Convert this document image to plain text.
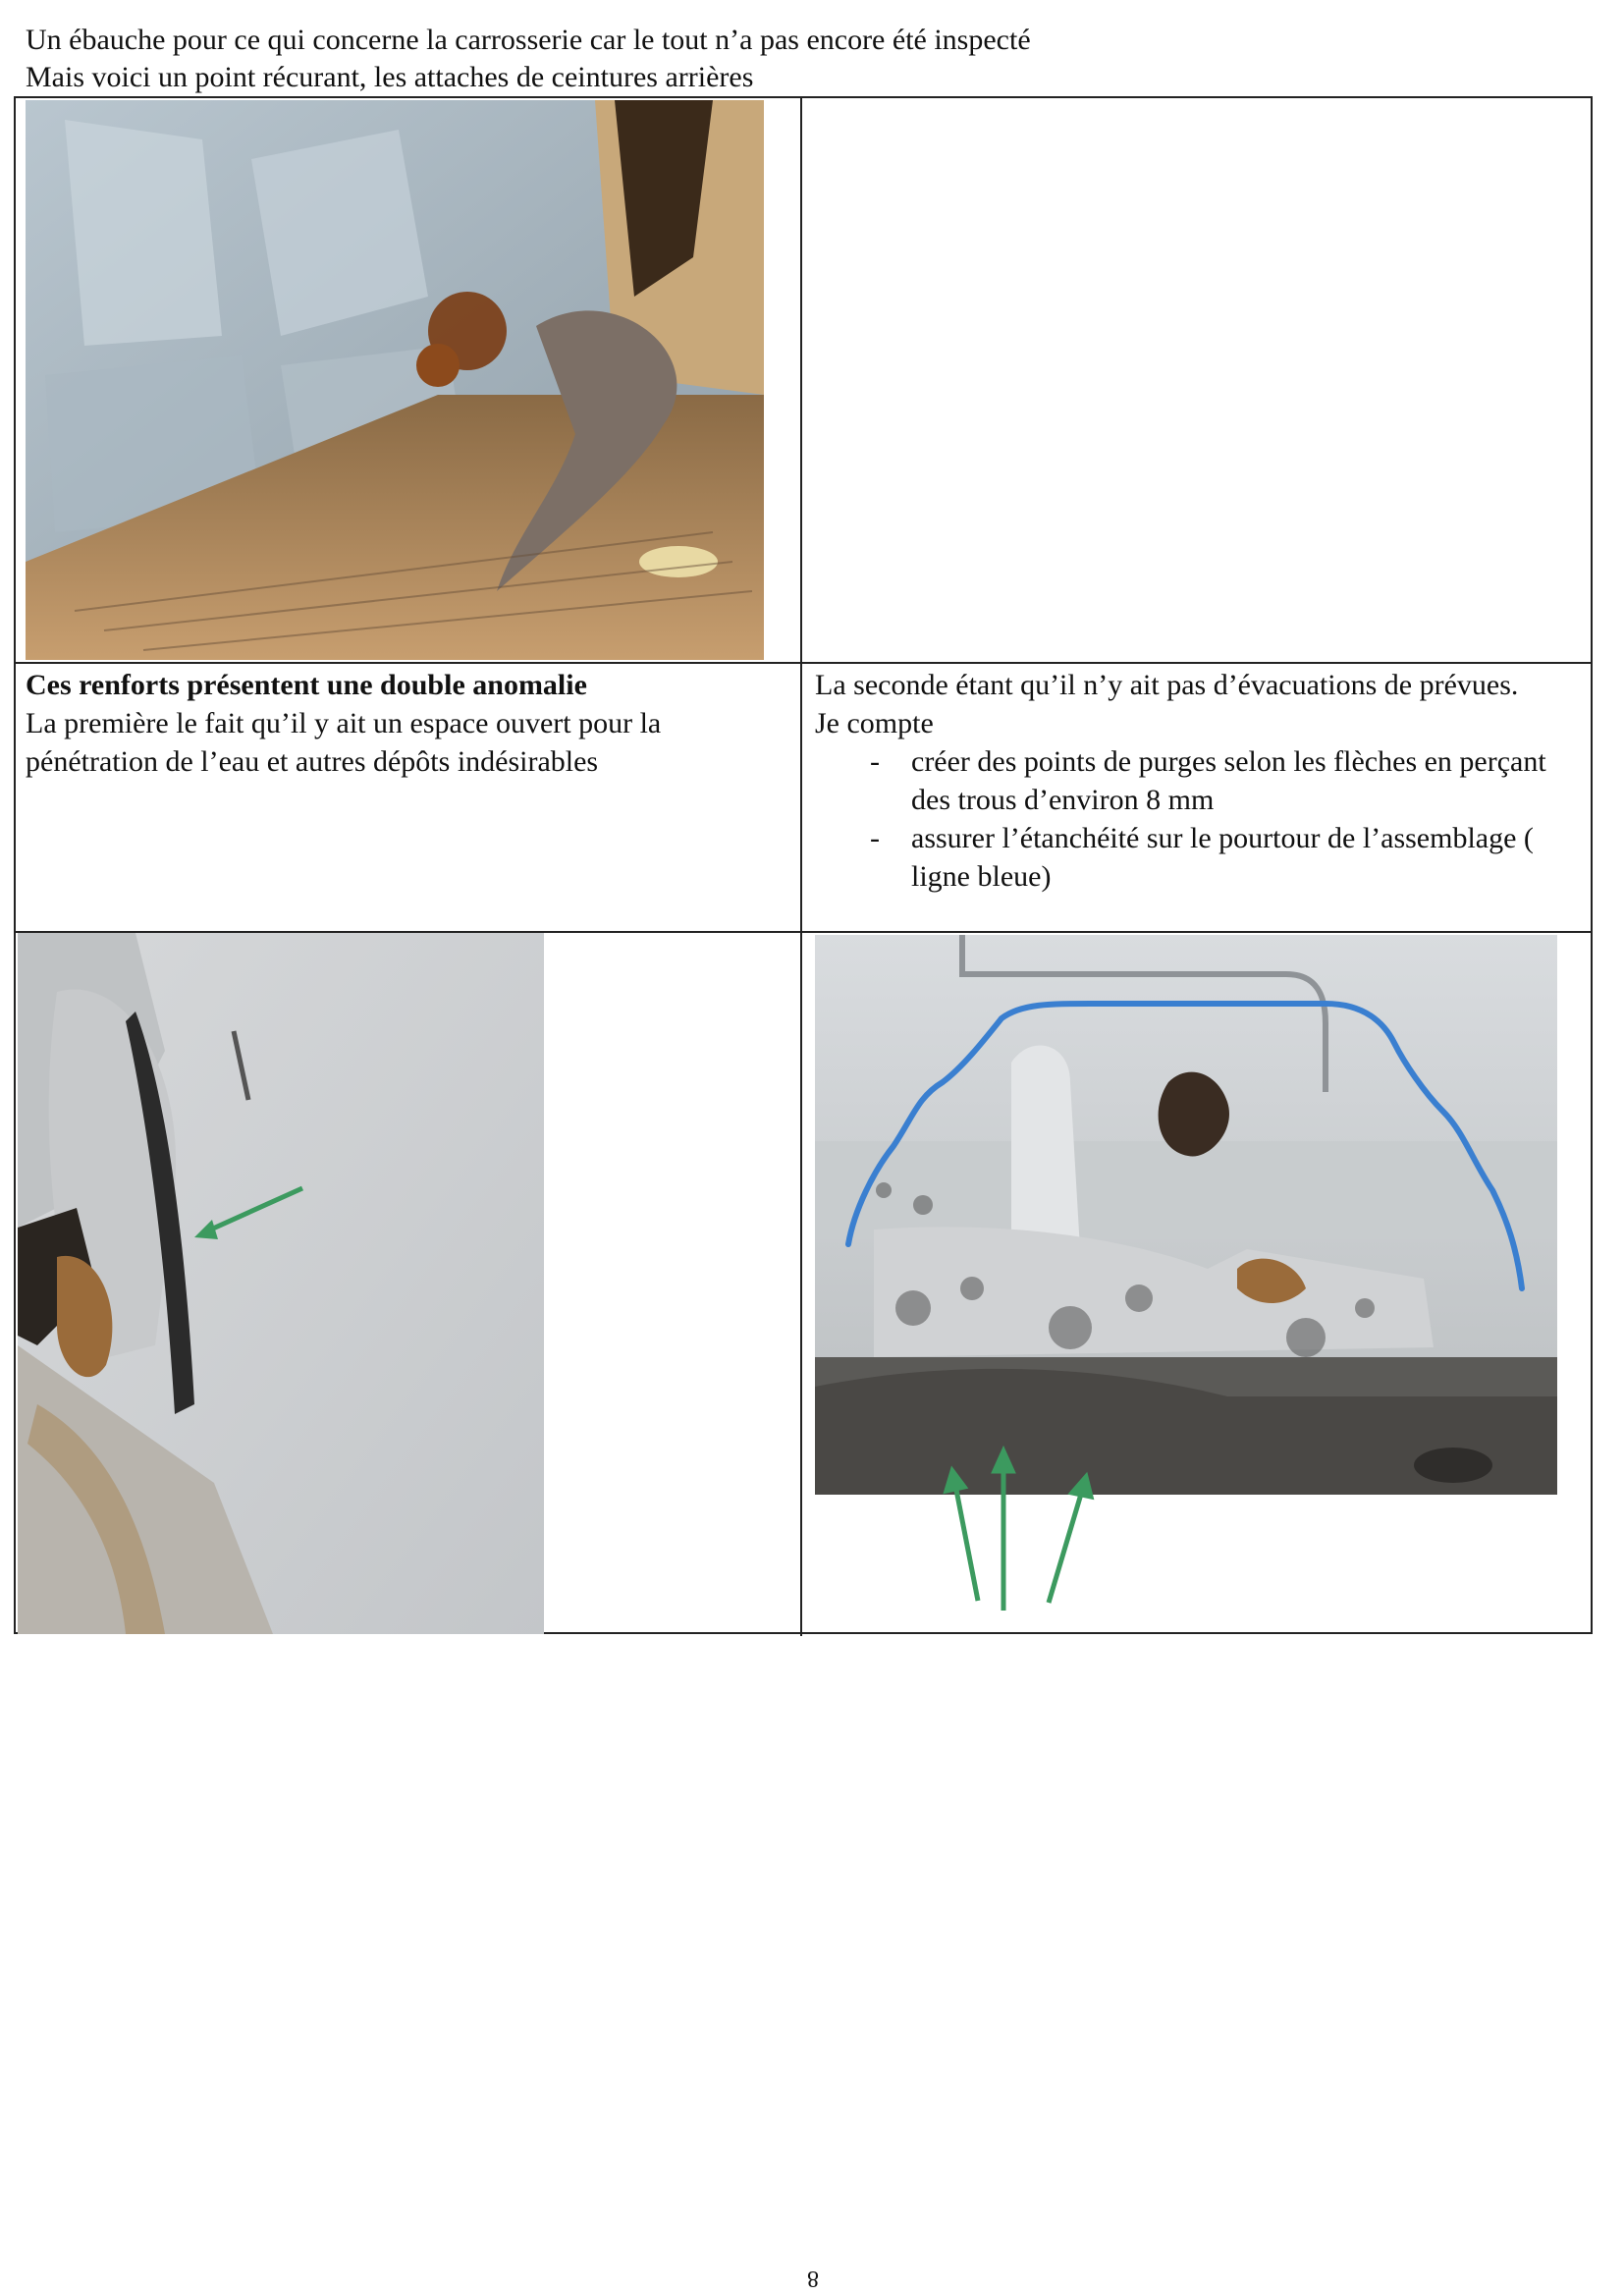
Un ébauche pour ce qui concerne la carrosserie car le tout n’a pas encore été inspecté
Mais voici un point récurant, les attaches de ceintures arrières
Ces renforts présentent une double anomalie
La première le fait qu’il y ait un espace ouvert pour la pénétration de l’eau et autres dépôts indésirables
La seconde étant qu’il n’y ait pas d’évacuations de prévues.
Je compte
- créer des points de purges selon les flèches en perçant des trous d’environ 8 mm
- assurer l’étanchéité sur le pourtour de l’assemblage ( ligne bleue)
8
